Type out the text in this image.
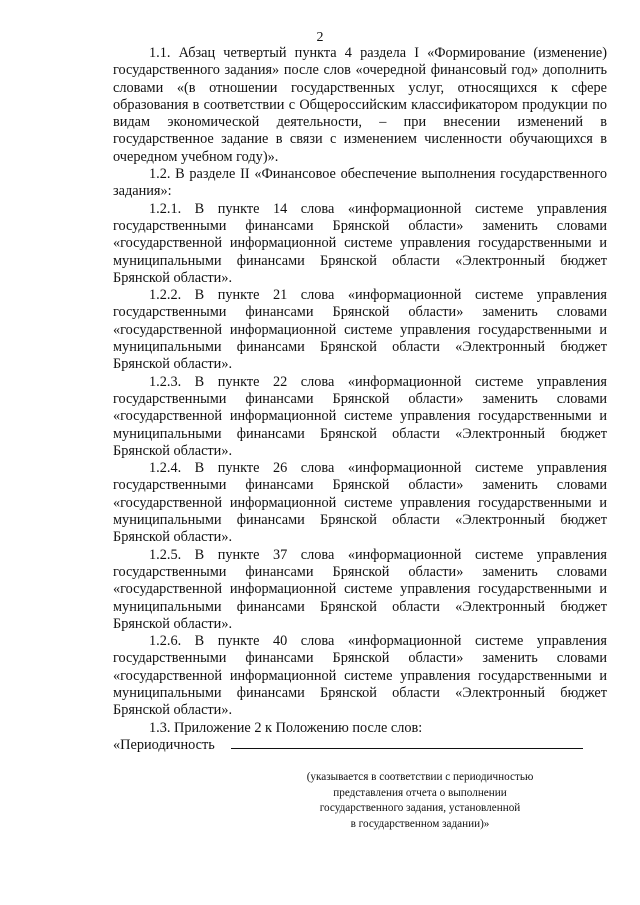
2

1.1. Абзац четвертый пункта 4 раздела I «Формирование (изменение) государственного задания» после слов «очередной финансовый год» дополнить словами «(в отношении государственных услуг, относящихся к сфере образования в соответствии с Общероссийским классификатором продукции по видам экономической деятельности, – при внесении изменений в государственное задание в связи с изменением численности обучающихся в очередном учебном году)».

1.2. В разделе II «Финансовое обеспечение выполнения государственного задания»:

1.2.1. В пункте 14 слова «информационной системе управления государственными финансами Брянской области» заменить словами «государственной информационной системе управления государственными и муниципальными финансами Брянской области «Электронный бюджет Брянской области».

1.2.2. В пункте 21 слова «информационной системе управления государственными финансами Брянской области» заменить словами «государственной информационной системе управления государственными и муниципальными финансами Брянской области «Электронный бюджет Брянской области».

1.2.3. В пункте 22 слова «информационной системе управления государственными финансами Брянской области» заменить словами «государственной информационной системе управления государственными и муниципальными финансами Брянской области «Электронный бюджет Брянской области».

1.2.4. В пункте 26 слова «информационной системе управления государственными финансами Брянской области» заменить словами «государственной информационной системе управления государственными и муниципальными финансами Брянской области «Электронный бюджет Брянской области».

1.2.5. В пункте 37 слова «информационной системе управления государственными финансами Брянской области» заменить словами «государственной информационной системе управления государственными и муниципальными финансами Брянской области «Электронный бюджет Брянской области».

1.2.6. В пункте 40 слова «информационной системе управления государственными финансами Брянской области» заменить словами «государственной информационной системе управления государственными и муниципальными финансами Брянской области «Электронный бюджет Брянской области».

1.3. Приложение 2 к Положению после слов:

«Периодичность

(указывается в соответствии с периодичностью
представления отчета о выполнении
государственного задания, установленной
в государственном задании)»
